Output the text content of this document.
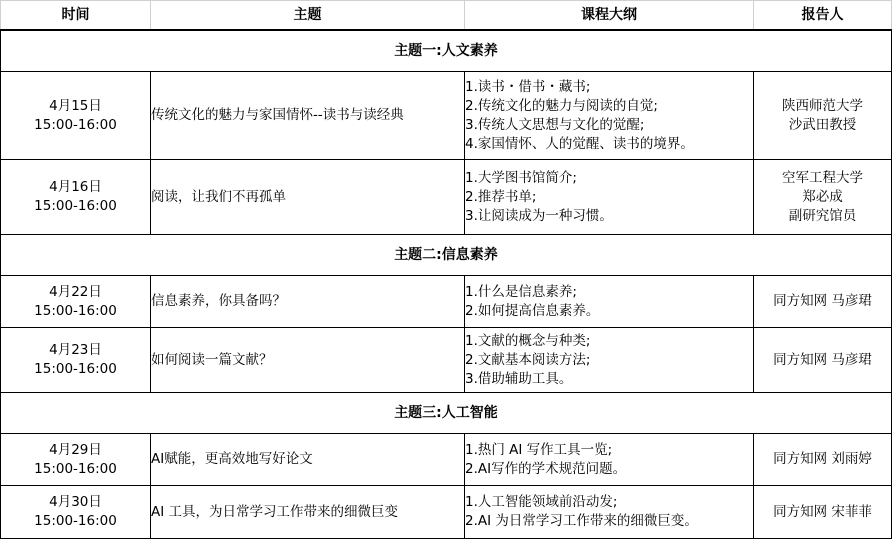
时间	主题	课程大纲	报告人
主题一:人文素养			

4月15日
15:00-16:00	传统文化的魅力与家国情怀--读书与读经典	1.读书・借书・藏书;
2.传统文化的魅力与阅读的自觉;
3.传统人文思想与文化的觉醒;
4.家国情怀、人的觉醒、读书的境界。	陕西师范大学
沙武田教授

4月16日
15:00-16:00	阅读，让我们不再孤单	1.大学图书馆简介;
2.推荐书单;
3.让阅读成为一种习惯。	空军工程大学
郑必成
副研究馆员

主题二:信息素养			

4月22日
15:00-16:00	信息素养，你具备吗？	1.什么是信息素养;
2.如何提高信息素养。	同方知网 马彦珺

4月23日
15:00-16:00	如何阅读一篇文献？	1.文献的概念与种类;
2.文献基本阅读方法;
3.借助辅助工具。	同方知网 马彦珺

主题三:人工智能			

4月29日
15:00-16:00	AI赋能，更高效地写好论文	1.热门 AI 写作工具一览;
2.AI写作的学术规范问题。	同方知网 刘雨婷

4月30日
15:00-16:00	AI 工具，为日常学习工作带来的细微巨变	1.人工智能领域前沿动发;
2.AI 为日常学习工作带来的细微巨变。	同方知网 宋菲菲
